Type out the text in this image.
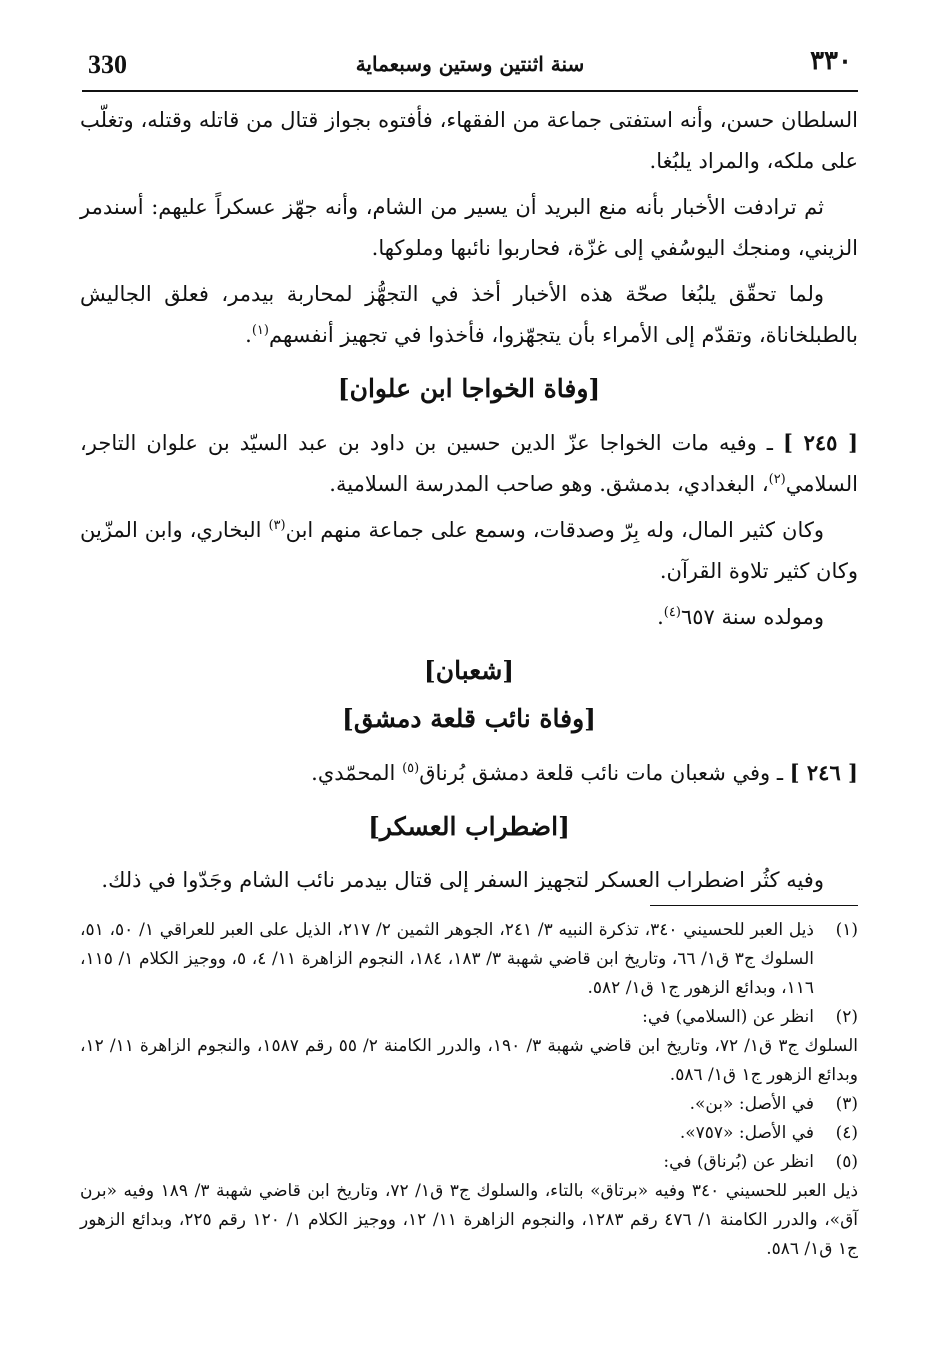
330	سنة اثنتين وستين وسبعماية	٣٣٠

السلطان حسن، وأنه استفتى جماعة من الفقهاء، فأفتوه بجواز قتال من قاتله وقتله، وتغلّب على ملكه، والمراد يلبُغا.

ثم ترادفت الأخبار بأنه منع البريد أن يسير من الشام، وأنه جهّز عسكراً عليهم: أسندمر الزيني، ومنجك اليوسُفي إلى غزّة، فحاربوا نائبها وملوكها.

ولما تحقّق يلبُغا صحّة هذه الأخبار أخذ في التجهُّز لمحاربة بيدمر، فعلق الجاليش بالطبلخاناة، وتقدّم إلى الأمراء بأن يتجهّزوا، فأخذوا في تجهيز أنفسهم$^{(١)}$.

[وفاة الخواجا ابن علوان]

[ ٢٤٥ ] ـ وفيه مات الخواجا عزّ الدين حسين بن داود بن عبد السيّد بن علوان التاجر، السلامي$^{(٢)}$، البغدادي، بدمشق. وهو صاحب المدرسة السلامية.

وكان كثير المال، وله بِرّ وصدقات، وسمع على جماعة منهم ابن$^{(٣)}$ البخاري، وابن المزّين وكان كثير تلاوة القرآن.

ومولده سنة ٦٥٧$^{(٤)}$.

[شعبان]
[وفاة نائب قلعة دمشق]

[ ٢٤٦ ] ـ وفي شعبان مات نائب قلعة دمشق بُرناق$^{(٥)}$ المحمّدي.

[اضطراب العسكر]

وفيه كثُر اضطراب العسكر لتجهيز السفر إلى قتال بيدمر نائب الشام وجَدّوا في ذلك.

(١)
ذيل العبر للحسيني ٣٤٠، تذكرة النبيه ٣/ ٢٤١، الجوهر الثمين ٢/ ٢١٧، الذيل على العبر للعراقي ١/ ٥٠، ٥١، السلوك ج٣ ق١/ ٦٦، وتاريخ ابن قاضي شهبة ٣/ ١٨٣، ١٨٤، النجوم الزاهرة ١١/ ٤، ٥، ووجيز الكلام ١/ ١١٥، ١١٦، وبدائع الزهور ج١ ق١/ ٥٨٢.
(٢)
انظر عن (السلامي) في:
السلوك ج٣ ق١/ ٧٢، وتاريخ ابن قاضي شهبة ٣/ ١٩٠، والدرر الكامنة ٢/ ٥٥ رقم ١٥٨٧، والنجوم الزاهرة ١١/ ١٢، وبدائع الزهور ج١ ق١/ ٥٨٦.
(٣)
في الأصل: «بن».
(٤)
في الأصل: «٧٥٧».
(٥)
انظر عن (بُرناق) في:
ذيل العبر للحسيني ٣٤٠ وفيه «برتاق» بالتاء، والسلوك ج٣ ق١/ ٧٢، وتاريخ ابن قاضي شهبة ٣/ ١٨٩ وفيه «برن آق»، والدرر الكامنة ١/ ٤٧٦ رقم ١٢٨٣، والنجوم الزاهرة ١١/ ١٢، ووجيز الكلام ١/ ١٢٠ رقم ٢٢٥، وبدائع الزهور ج١ ق١/ ٥٨٦.
